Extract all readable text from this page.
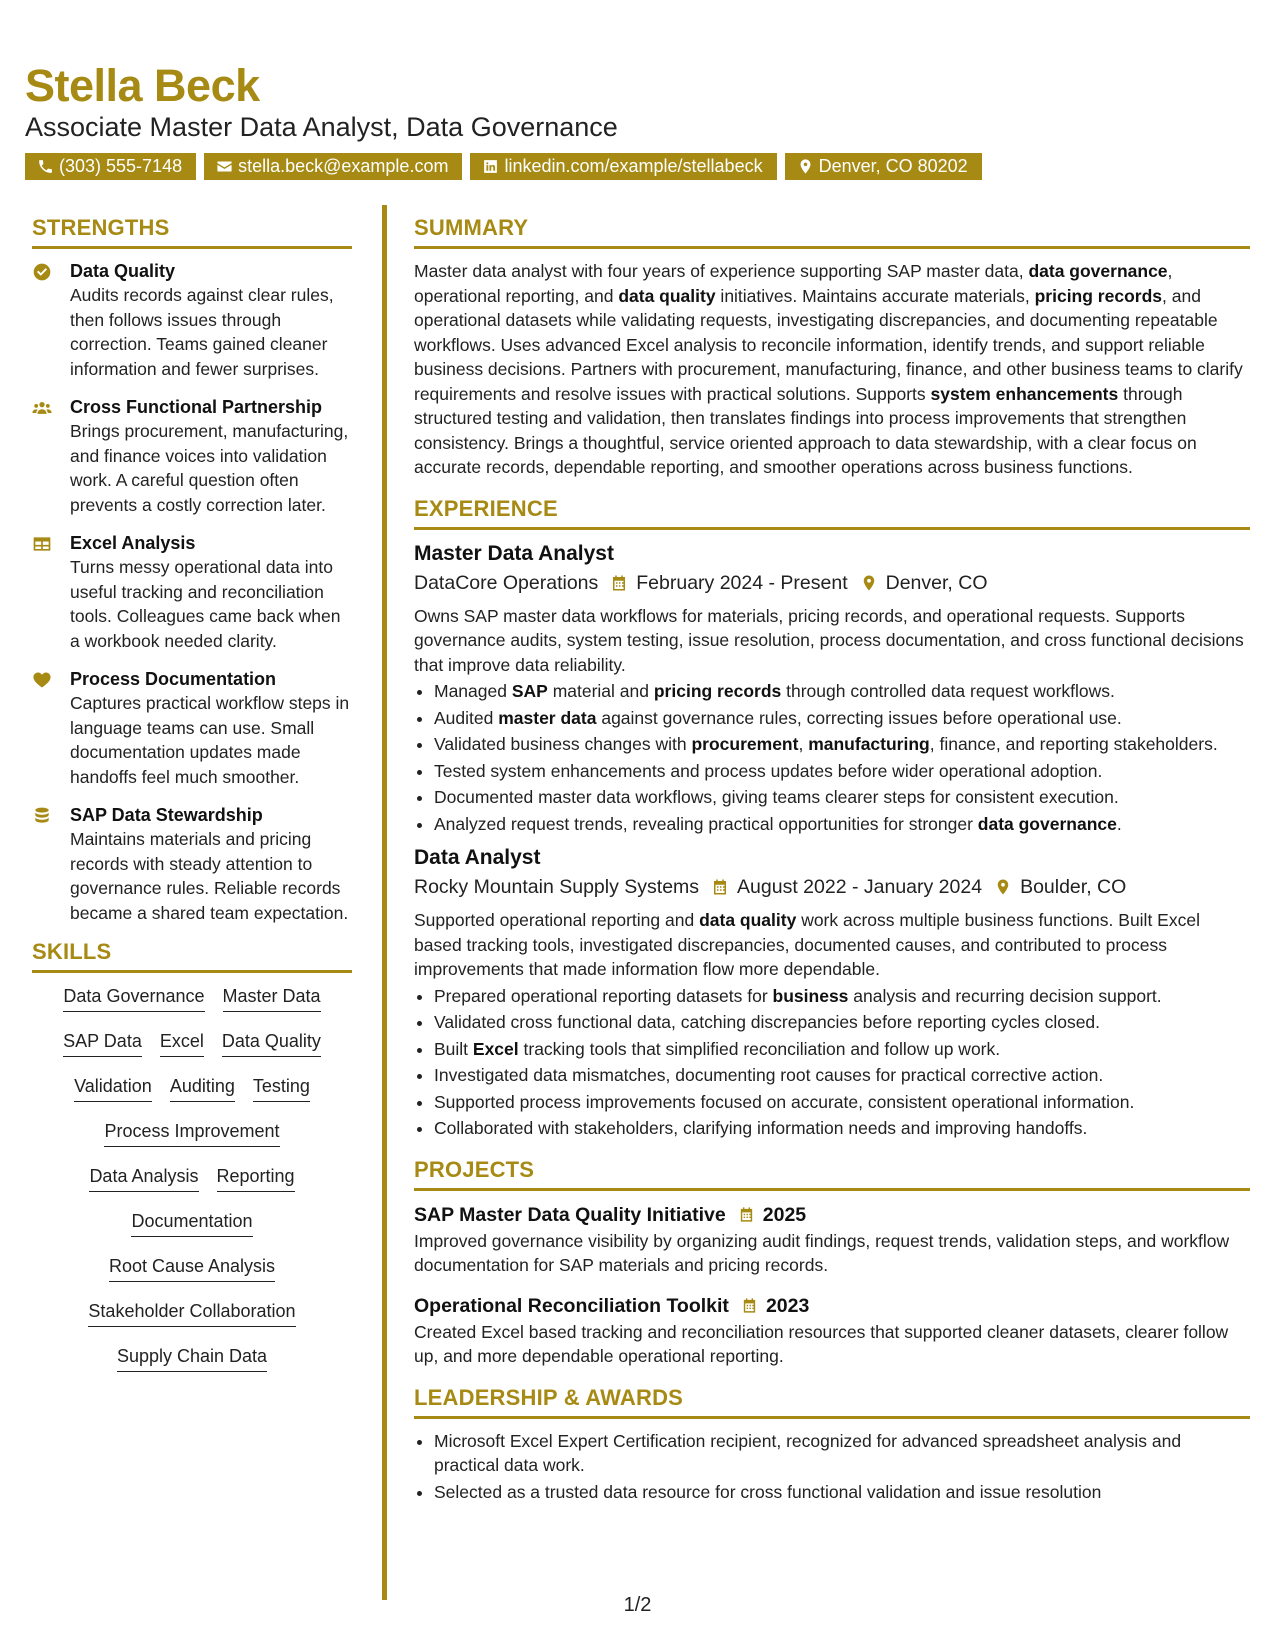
Stella Beck
Associate Master Data Analyst, Data Governance
(303) 555-7148	stella.beck@example.com	linkedin.com/example/stellabeck	Denver, CO 80202
STRENGTHS
Data Quality
Audits records against clear rules, then follows issues through correction. Teams gained cleaner information and fewer surprises.
Cross Functional Partnership
Brings procurement, manufacturing, and finance voices into validation work. A careful question often prevents a costly correction later.
Excel Analysis
Turns messy operational data into useful tracking and reconciliation tools. Colleagues came back when a workbook needed clarity.
Process Documentation
Captures practical workflow steps in language teams can use. Small documentation updates made handoffs feel much smoother.
SAP Data Stewardship
Maintains materials and pricing records with steady attention to governance rules. Reliable records became a shared team expectation.
SKILLS
Data Governance Master Data
SAP Data Excel Data Quality
Validation Auditing Testing
Process Improvement
Data Analysis Reporting
Documentation
Root Cause Analysis
Stakeholder Collaboration
Supply Chain Data
SUMMARY
Master data analyst with four years of experience supporting SAP master data, data governance, operational reporting, and data quality initiatives. Maintains accurate materials, pricing records, and operational datasets while validating requests, investigating discrepancies, and documenting repeatable workflows. Uses advanced Excel analysis to reconcile information, identify trends, and support reliable business decisions. Partners with procurement, manufacturing, finance, and other business teams to clarify requirements and resolve issues with practical solutions. Supports system enhancements through structured testing and validation, then translates findings into process improvements that strengthen consistency. Brings a thoughtful, service oriented approach to data stewardship, with a clear focus on accurate records, dependable reporting, and smoother operations across business functions.
EXPERIENCE
Master Data Analyst
DataCore Operations February 2024 - Present Denver, CO
Owns SAP master data workflows for materials, pricing records, and operational requests. Supports governance audits, system testing, issue resolution, process documentation, and cross functional decisions that improve data reliability.
• Managed SAP material and pricing records through controlled data request workflows.
• Audited master data against governance rules, correcting issues before operational use.
• Validated business changes with procurement, manufacturing, finance, and reporting stakeholders.
• Tested system enhancements and process updates before wider operational adoption.
• Documented master data workflows, giving teams clearer steps for consistent execution.
• Analyzed request trends, revealing practical opportunities for stronger data governance.
Data Analyst
Rocky Mountain Supply Systems August 2022 - January 2024 Boulder, CO
Supported operational reporting and data quality work across multiple business functions. Built Excel based tracking tools, investigated discrepancies, documented causes, and contributed to process improvements that made information flow more dependable.
• Prepared operational reporting datasets for business analysis and recurring decision support.
• Validated cross functional data, catching discrepancies before reporting cycles closed.
• Built Excel tracking tools that simplified reconciliation and follow up work.
• Investigated data mismatches, documenting root causes for practical corrective action.
• Supported process improvements focused on accurate, consistent operational information.
• Collaborated with stakeholders, clarifying information needs and improving handoffs.
PROJECTS
SAP Master Data Quality Initiative 2025
Improved governance visibility by organizing audit findings, request trends, validation steps, and workflow documentation for SAP materials and pricing records.
Operational Reconciliation Toolkit 2023
Created Excel based tracking and reconciliation resources that supported cleaner datasets, clearer follow up, and more dependable operational reporting.
LEADERSHIP & AWARDS
• Microsoft Excel Expert Certification recipient, recognized for advanced spreadsheet analysis and practical data work.
• Selected as a trusted data resource for cross functional validation and issue resolution
1/2
